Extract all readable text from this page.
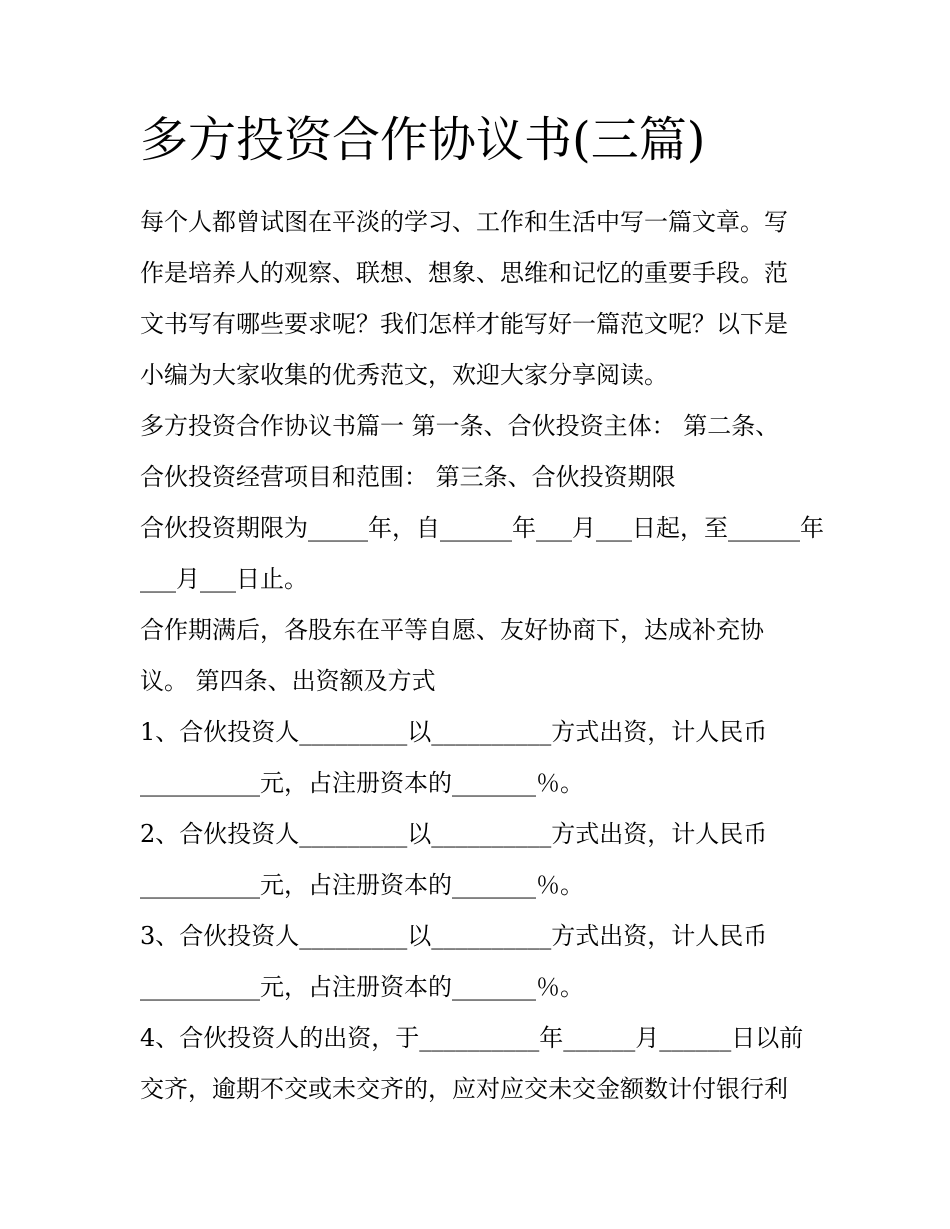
多方投资合作协议书(三篇)

每个人都曾试图在平淡的学习、工作和生活中写一篇文章。写

作是培养人的观察、联想、想象、思维和记忆的重要手段。范

文书写有哪些要求呢？我们怎样才能写好一篇范文呢？以下是

小编为大家收集的优秀范文，欢迎大家分享阅读。

多方投资合作协议书篇一 第一条、合伙投资主体： 第二条、

合伙投资经营项目和范围： 第三条、合伙投资期限

合伙投资期限为_____年，自______年___月___日起，至______年

___月___日止。

合作期满后，各股东在平等自愿、友好协商下，达成补充协

议。 第四条、出资额及方式

1、合伙投资人_________以__________方式出资，计人民币

__________元，占注册资本的_______％。

2、合伙投资人_________以__________方式出资，计人民币

__________元，占注册资本的_______％。

3、合伙投资人_________以__________方式出资，计人民币

__________元，占注册资本的_______％。

4、合伙投资人的出资，于__________年______月______日以前

交齐，逾期不交或未交齐的，应对应交未交金额数计付银行利
